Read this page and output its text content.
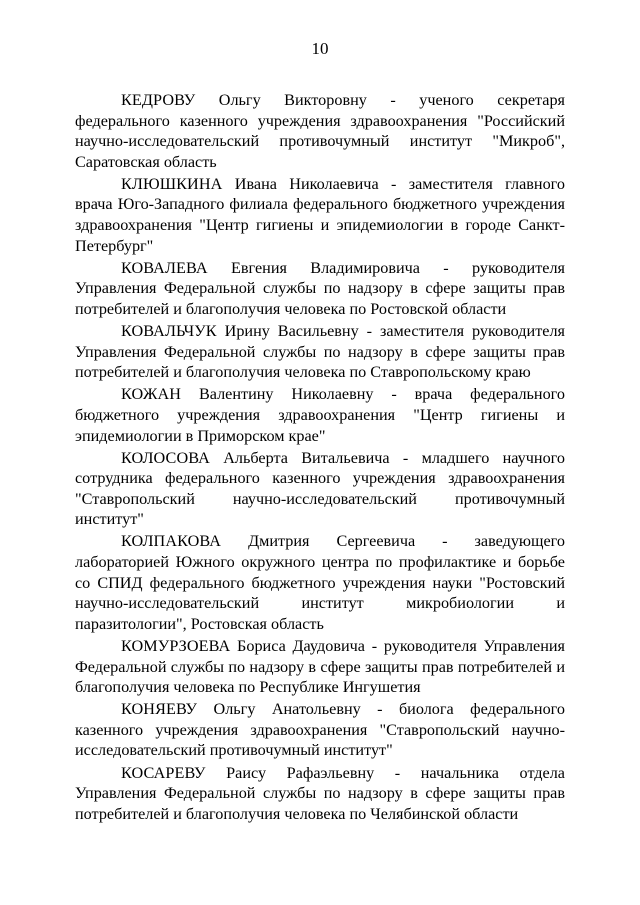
10

КЕДРОВУ Ольгу Викторовну - ученого секретаря федерального казенного учреждения здравоохранения "Российский научно-исследовательский противочумный институт "Микроб", Саратовская область

КЛЮШКИНА Ивана Николаевича - заместителя главного врача Юго-Западного филиала федерального бюджетного учреждения здравоохранения "Центр гигиены и эпидемиологии в городе Санкт-Петербург"

КОВАЛЕВА Евгения Владимировича - руководителя Управления Федеральной службы по надзору в сфере защиты прав потребителей и благополучия человека по Ростовской области

КОВАЛЬЧУК Ирину Васильевну - заместителя руководителя Управления Федеральной службы по надзору в сфере защиты прав потребителей и благополучия человека по Ставропольскому краю

КОЖАН Валентину Николаевну - врача федерального бюджетного учреждения здравоохранения "Центр гигиены и эпидемиологии в Приморском крае"

КОЛОСОВА Альберта Витальевича - младшего научного сотрудника федерального казенного учреждения здравоохранения "Ставропольский научно-исследовательский противочумный институт"

КОЛПАКОВА Дмитрия Сергеевича - заведующего лабораторией Южного окружного центра по профилактике и борьбе со СПИД федерального бюджетного учреждения науки "Ростовский научно-исследовательский институт микробиологии и паразитологии", Ростовская область

КОМУРЗОЕВА Бориса Даудовича - руководителя Управления Федеральной службы по надзору в сфере защиты прав потребителей и благополучия человека по Республике Ингушетия

КОНЯЕВУ Ольгу Анатольевну - биолога федерального казенного учреждения здравоохранения "Ставропольский научно-исследовательский противочумный институт"

КОСАРЕВУ Раису Рафаэльевну - начальника отдела Управления Федеральной службы по надзору в сфере защиты прав потребителей и благополучия человека по Челябинской области
